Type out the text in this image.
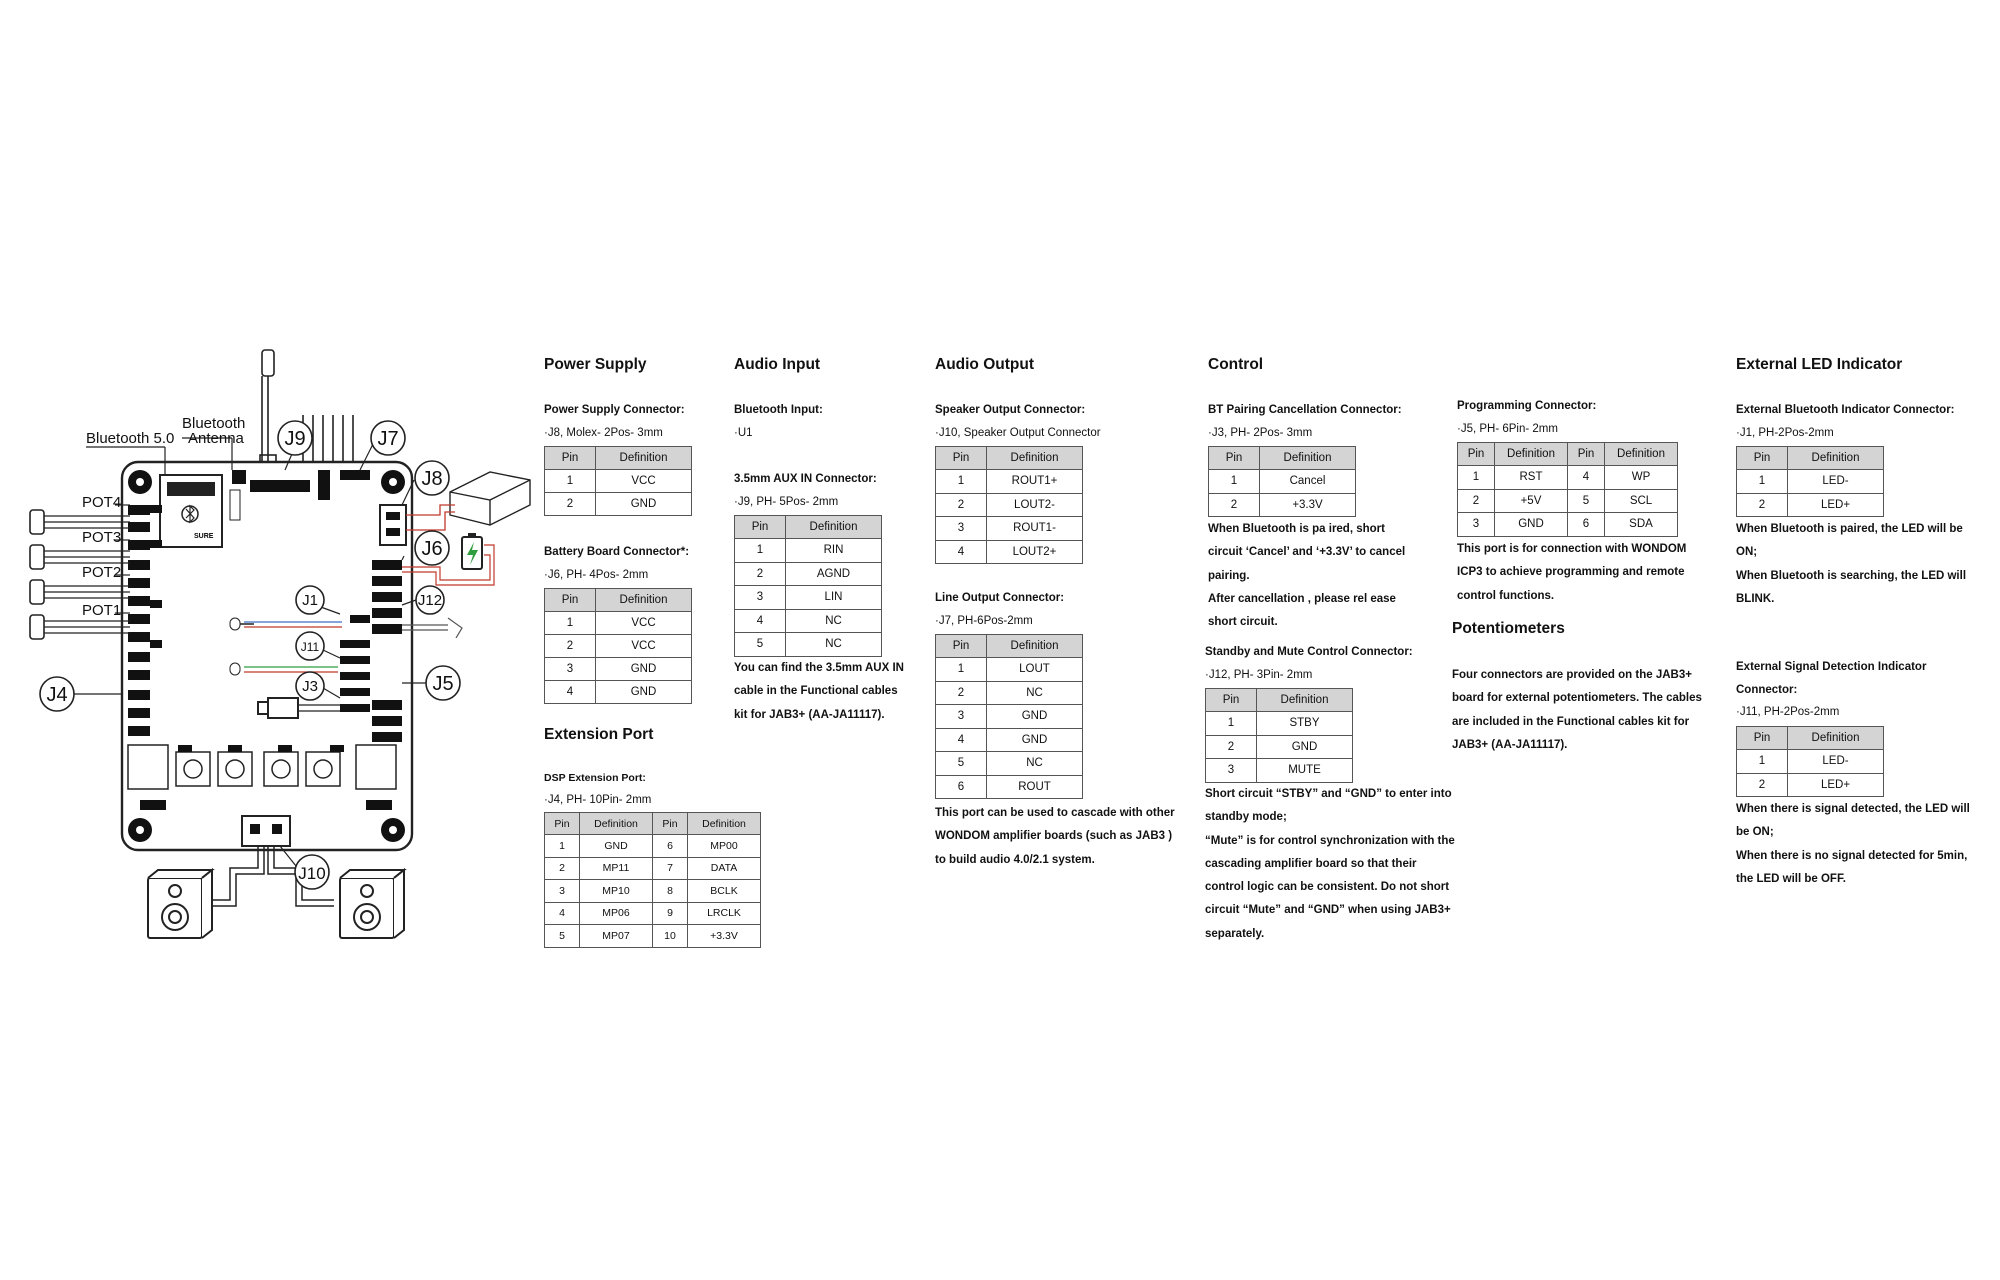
SURE
Bluetooth Antenna
Bluetooth 5.0
POT4
POT3
POT2
POT1
J9	J7
J8
J6
J4	J5
J10
J1	J12
J11
J3
Power Supply
Power Supply Connector:
·J8, Molex- 2Pos- 3mm
Pin	Definition
1	VCC
2	GND
Battery Board Connector*:
·J6, PH- 4Pos- 2mm
Pin	Definition
1	VCC
2	VCC
3	GND
4	GND
Extension Port
DSP Extension Port:
·J4, PH- 10Pin- 2mm
Pin	Definition	Pin	Definition
1	GND	6	MP00
2	MP11	7	DATA
3	MP10	8	BCLK
4	MP06	9	LRCLK
5	MP07	10	+3.3V
Audio Input
Bluetooth Input:
·U1
3.5mm AUX IN Connector:
·J9, PH- 5Pos- 2mm
Pin	Definition
1	RIN
2	AGND
3	LIN
4	NC
5	NC
You can find the 3.5mm AUX IN
cable in the Functional cables
kit for JAB3+ (AA-JA11117).
Audio Output
Speaker Output Connector:
·J10, Speaker Output Connector
Pin	Definition
1	ROUT1+
2	LOUT2-
3	ROUT1-
4	LOUT2+
Line Output Connector:
·J7, PH-6Pos-2mm
Pin	Definition
1	LOUT
2	NC
3	GND
4	GND
5	NC
6	ROUT
This port can be used to cascade with other
WONDOM amplifier boards (such as JAB3 )
to build audio 4.0/2.1 system.
Control
BT Pairing Cancellation Connector:
·J3, PH- 2Pos- 3mm
Pin	Definition
1	Cancel
2	+3.3V
When Bluetooth is pa ired, short
circuit ‘Cancel’ and ‘+3.3V’ to cancel
pairing.
After cancellation , please rel ease
short circuit.
Standby and Mute Control Connector:
·J12, PH- 3Pin- 2mm
Pin	Definition
1	STBY
2	GND
3	MUTE
Short circuit “STBY” and “GND” to enter into
standby mode;
“Mute” is for control synchronization with the
cascading amplifier board so that their
control logic can be consistent. Do not short
circuit “Mute” and “GND” when using JAB3+
separately.
Programming Connector:
·J5, PH- 6Pin- 2mm
Pin	Definition	Pin	Definition
1	RST	4	WP
2	+5V	5	SCL
3	GND	6	SDA
This port is for connection with WONDOM
ICP3 to achieve programming and remote
control functions.
Potentiometers
Four connectors are provided on the JAB3+
board for external potentiometers. The cables
are included in the Functional cables kit for
JAB3+ (AA-JA11117).
External LED Indicator
External Bluetooth Indicator Connector:
·J1, PH-2Pos-2mm
Pin	Definition
1	LED-
2	LED+
When Bluetooth is paired, the LED will be
ON;
When Bluetooth is searching, the LED will
BLINK.
External Signal Detection Indicator
Connector:
·J11, PH-2Pos-2mm
Pin	Definition
1	LED-
2	LED+
When there is signal detected, the LED will
be ON;
When there is no signal detected for 5min,
the LED will be OFF.
